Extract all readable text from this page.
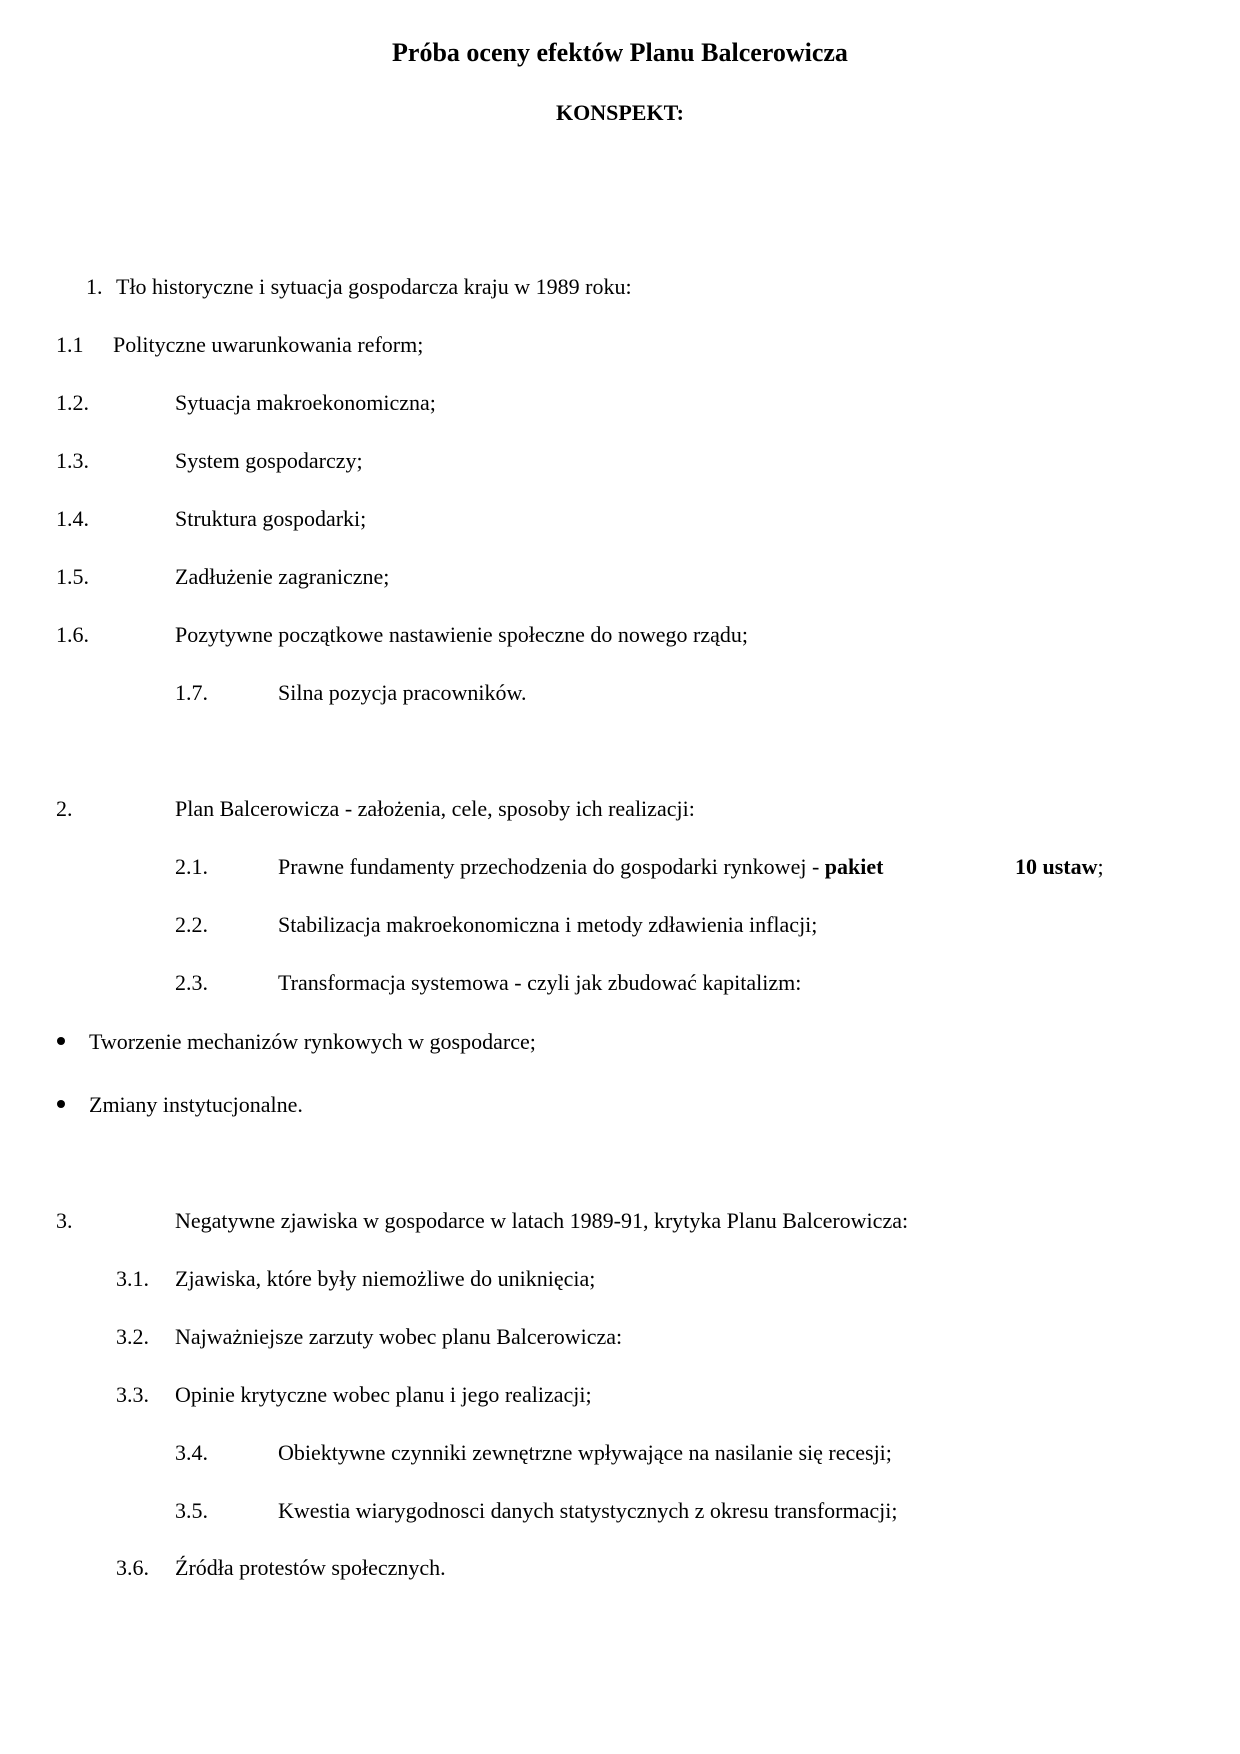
Próba oceny efektów Planu Balcerowicza
KONSPEKT:
1. Tło historyczne i sytuacja gospodarcza kraju w 1989 roku:
1.1 Polityczne uwarunkowania reform;
1.2.	Sytuacja makroekonomiczna;
1.3.	System gospodarczy;
1.4.	Struktura gospodarki;
1.5.	Zadłużenie zagraniczne;
1.6.	Pozytywne początkowe nastawienie społeczne do nowego rządu;
1.7.	Silna pozycja pracowników.
2.	Plan Balcerowicza - założenia, cele, sposoby ich realizacji:
2.1.	Prawne fundamenty przechodzenia do gospodarki rynkowej - pakiet	10 ustaw;
2.2.	Stabilizacja makroekonomiczna i metody zdławienia inflacji;
2.3.	Transformacja systemowa - czyli jak zbudować kapitalizm:
Tworzenie mechanizów rynkowych w gospodarce;
Zmiany instytucjonalne.
3.	Negatywne zjawiska w gospodarce w latach 1989-91, krytyka Planu Balcerowicza:
3.1. Zjawiska, które były niemożliwe do uniknięcia;
3.2. Najważniejsze zarzuty wobec planu Balcerowicza:
3.3. Opinie krytyczne wobec planu i jego realizacji;
3.4.	Obiektywne czynniki zewnętrzne wpływające na nasilanie się recesji;
3.5.	Kwestia wiarygodnosci danych statystycznych z okresu transformacji;
3.6. Źródła protestów społecznych.
